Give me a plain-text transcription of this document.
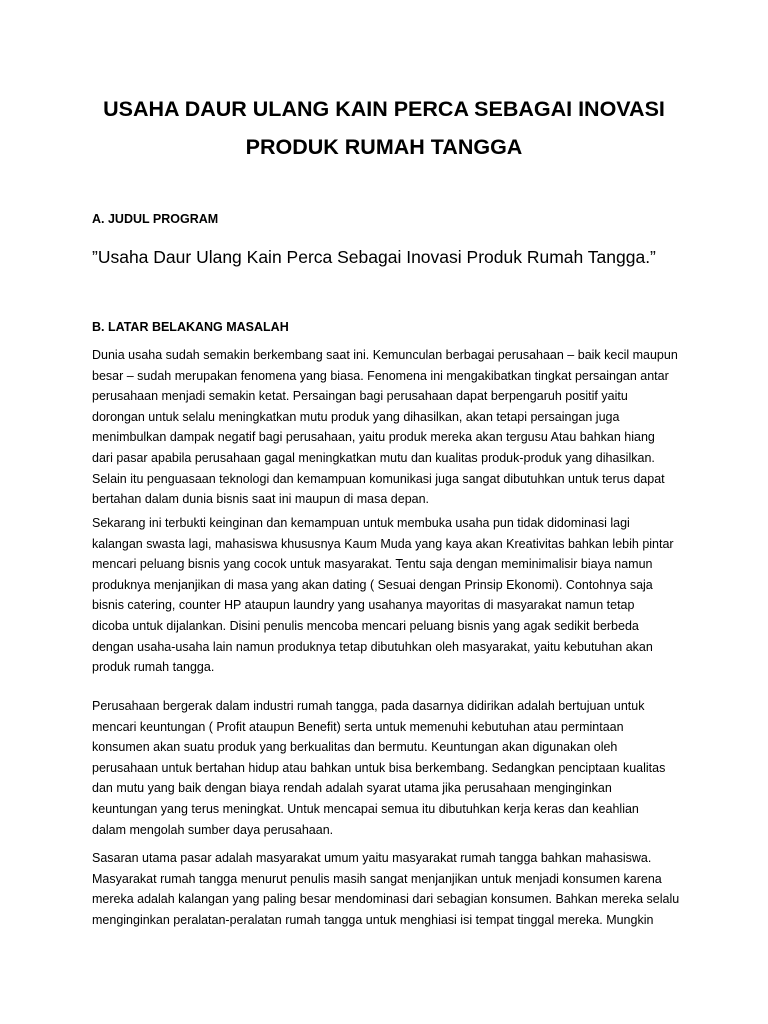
USAHA DAUR ULANG KAIN PERCA SEBAGAI INOVASI
PRODUK RUMAH TANGGA
A. JUDUL PROGRAM

”Usaha Daur Ulang Kain Perca Sebagai Inovasi Produk Rumah Tangga.”

B. LATAR BELAKANG MASALAH

Dunia usaha sudah semakin berkembang saat ini. Kemunculan berbagai perusahaan – baik kecil maupun
besar – sudah merupakan fenomena yang biasa. Fenomena ini mengakibatkan tingkat persaingan antar
perusahaan menjadi semakin ketat. Persaingan bagi perusahaan dapat berpengaruh positif yaitu
dorongan untuk selalu meningkatkan mutu produk yang dihasilkan, akan tetapi persaingan juga
menimbulkan dampak negatif bagi perusahaan, yaitu produk mereka akan tergusu Atau bahkan hiang
dari pasar apabila perusahaan gagal meningkatkan mutu dan kualitas produk-produk yang dihasilkan.
Selain itu penguasaan teknologi dan kemampuan komunikasi juga sangat dibutuhkan untuk terus dapat
bertahan dalam dunia bisnis saat ini maupun di masa depan.

Sekarang ini terbukti keinginan dan kemampuan untuk membuka usaha pun tidak didominasi lagi
kalangan swasta lagi, mahasiswa khususnya Kaum Muda yang kaya akan Kreativitas bahkan lebih pintar
mencari peluang bisnis yang cocok untuk masyarakat. Tentu saja dengan meminimalisir biaya namun
produknya menjanjikan di masa yang akan dating ( Sesuai dengan Prinsip Ekonomi). Contohnya saja
bisnis catering, counter HP ataupun laundry yang usahanya mayoritas di masyarakat namun tetap
dicoba untuk dijalankan. Disini penulis mencoba mencari peluang bisnis yang agak sedikit berbeda
dengan usaha-usaha lain namun produknya tetap dibutuhkan oleh masyarakat, yaitu kebutuhan akan
produk rumah tangga.

Perusahaan bergerak dalam industri rumah tangga, pada dasarnya didirikan adalah bertujuan untuk
mencari keuntungan ( Profit ataupun Benefit) serta untuk memenuhi kebutuhan atau permintaan
konsumen akan suatu produk yang berkualitas dan bermutu. Keuntungan akan digunakan oleh
perusahaan untuk bertahan hidup atau bahkan untuk bisa berkembang. Sedangkan penciptaan kualitas
dan mutu yang baik dengan biaya rendah adalah syarat utama jika perusahaan menginginkan
keuntungan yang terus meningkat. Untuk mencapai semua itu dibutuhkan kerja keras dan keahlian
dalam mengolah sumber daya perusahaan.

Sasaran utama pasar adalah masyarakat umum yaitu masyarakat rumah tangga bahkan mahasiswa.
Masyarakat rumah tangga menurut penulis masih sangat menjanjikan untuk menjadi konsumen karena
mereka adalah kalangan yang paling besar mendominasi dari sebagian konsumen. Bahkan mereka selalu
menginginkan peralatan-peralatan rumah tangga untuk menghiasi isi tempat tinggal mereka. Mungkin
